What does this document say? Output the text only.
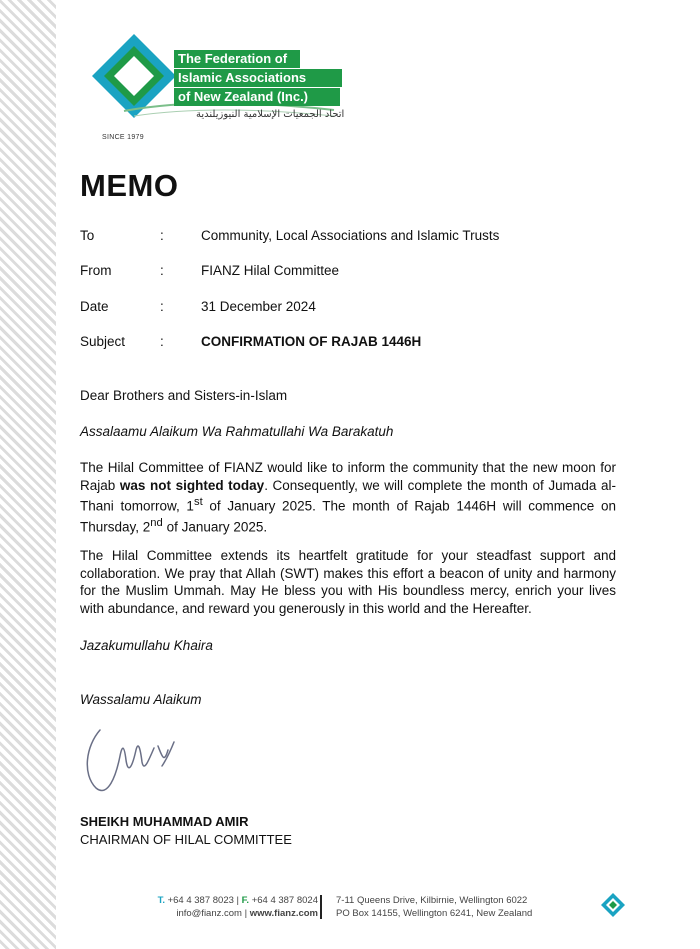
The Federation of
Islamic Associations
of New Zealand (Inc.)
اتحاد الجمعيات الإسلامية النيوزيلندية
SINCE 1979
MEMO
To	:	Community, Local Associations and Islamic Trusts
From	:	FIANZ Hilal Committee
Date	:	31 December 2024
Subject	:	CONFIRMATION OF RAJAB 1446H

Dear Brothers and Sisters-in-Islam

Assalaamu Alaikum Wa Rahmatullahi Wa Barakatuh

The Hilal Committee of FIANZ would like to inform the community that the new moon for Rajab was not sighted today. Consequently, we will complete the month of Jumada al-Thani tomorrow, 1st of January 2025. The month of Rajab 1446H will commence on Thursday, 2nd of January 2025.

The Hilal Committee extends its heartfelt gratitude for your steadfast support and collaboration. We pray that Allah (SWT) makes this effort a beacon of unity and harmony for the Muslim Ummah. May He bless you with His boundless mercy, enrich your lives with abundance, and reward you generously in this world and the Hereafter.

Jazakumullahu Khaira

Wassalamu Alaikum

SHEIKH MUHAMMAD AMIR
CHAIRMAN OF HILAL COMMITTEE
T. +64 4 387 8023 | F. +64 4 387 8024
info@fianz.com | www.fianz.com
7-11 Queens Drive, Kilbirnie, Wellington 6022
PO Box 14155, Wellington 6241, New Zealand
